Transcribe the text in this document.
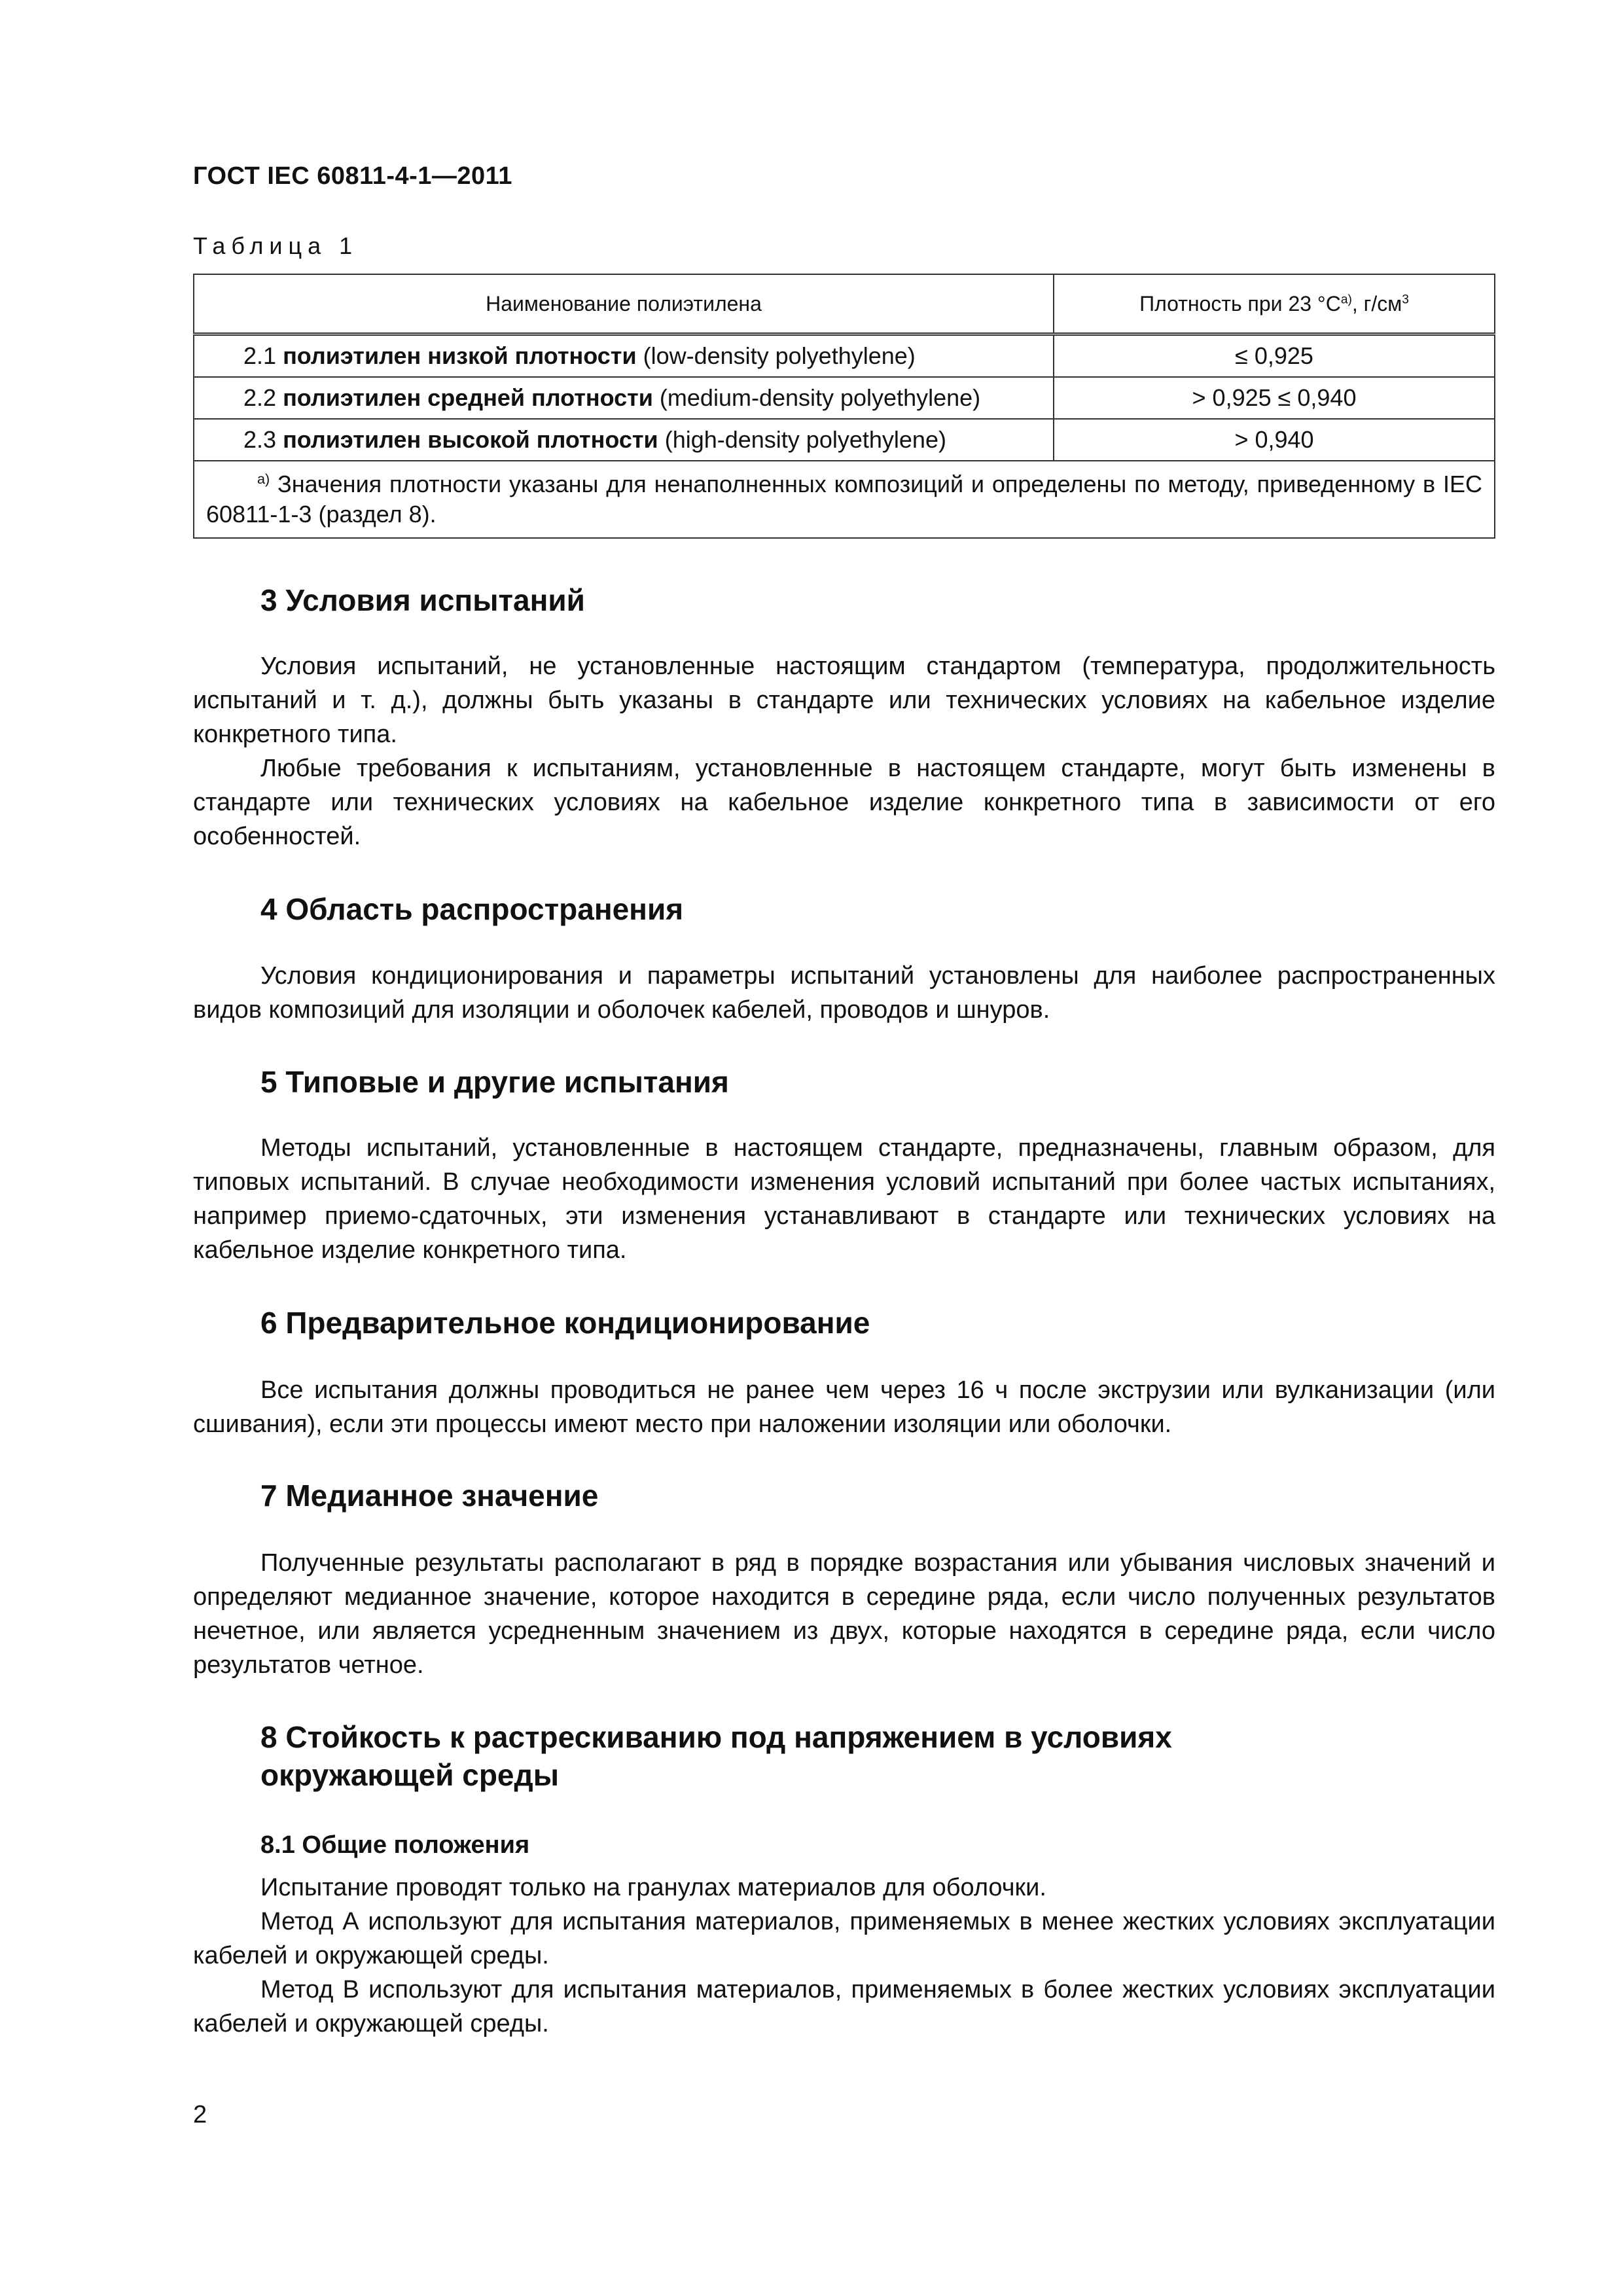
ГОСТ IEC 60811-4-1—2011
Таблица 1
Наименование полиэтилена	Плотность при 23 $^\circ С^{а)}$, $г/см^3$
2.1 полиэтилен низкой плотности (low-density polyethylene)	≤ 0,925
2.2 полиэтилен средней плотности (medium-density polyethylene)	> 0,925 ≤ 0,940
2.3 полиэтилен высокой плотности (high-density polyethylene)	> 0,940
$^{а)}$ Значения плотности указаны для ненаполненных композиций и определены по методу, приведенному в IEC 60811-1-3 (раздел 8).	
3 Условия испытаний

Условия испытаний, не установленные настоящим стандартом (температура, продолжительность испытаний и т. д.), должны быть указаны в стандарте или технических условиях на кабельное изделие конкретного типа.

Любые требования к испытаниям, установленные в настоящем стандарте, могут быть изменены в стандарте или технических условиях на кабельное изделие конкретного типа в зависимости от его особенностей.

4 Область распространения

Условия кондиционирования и параметры испытаний установлены для наиболее распространенных видов композиций для изоляции и оболочек кабелей, проводов и шнуров.

5 Типовые и другие испытания

Методы испытаний, установленные в настоящем стандарте, предназначены, главным образом, для типовых испытаний. В случае необходимости изменения условий испытаний при более частых испытаниях, например приемо-сдаточных, эти изменения устанавливают в стандарте или технических условиях на кабельное изделие конкретного типа.

6 Предварительное кондиционирование

Все испытания должны проводиться не ранее чем через 16 ч после экструзии или вулканизации (или сшивания), если эти процессы имеют место при наложении изоляции или оболочки.

7 Медианное значение

Полученные результаты располагают в ряд в порядке возрастания или убывания числовых значений и определяют медианное значение, которое находится в середине ряда, если число полученных результатов нечетное, или является усредненным значением из двух, которые находятся в середине ряда, если число результатов четное.

8 Стойкость к растрескиванию под напряжением в условиях
окружающей среды
8.1 Общие положения

Испытание проводят только на гранулах материалов для оболочки.

Метод А используют для испытания материалов, применяемых в менее жестких условиях эксплуатации кабелей и окружающей среды.

Метод В используют для испытания материалов, применяемых в более жестких условиях эксплуатации кабелей и окружающей среды.

2
